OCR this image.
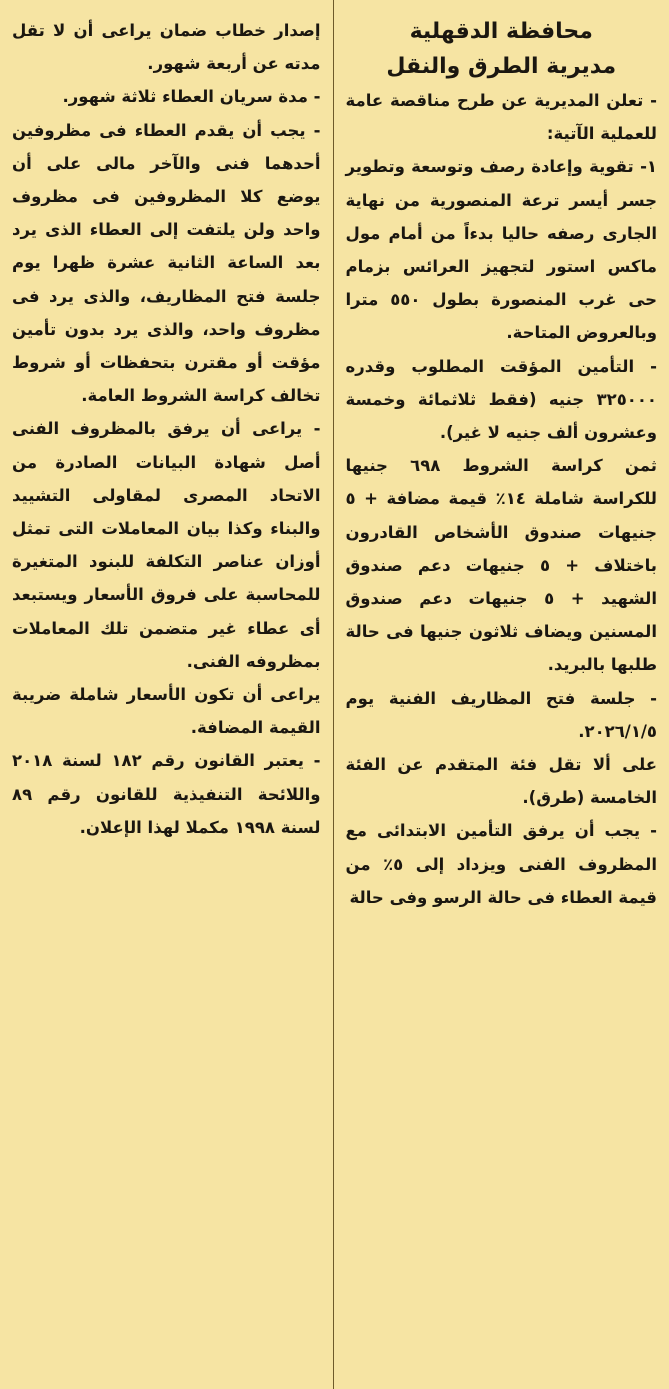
محافظة الدقهلية
مديرية الطرق والنقل

- تعلن المديرية عن طرح مناقصة عامة للعملية الآتية:

١- تقوية وإعادة رصف وتوسعة وتطوير جسر أيسر ترعة المنصورية من نهاية الجارى رصفه حاليا بدءاً من أمام مول ماكس استور لتجهيز العرائس بزمام حى غرب المنصورة بطول ٥٥٠ مترا وبالعروض المتاحة.

- التأمين المؤقت المطلوب وقدره ٣٢٥٠٠٠ جنيه (فقط ثلاثمائة وخمسة وعشرون ألف جنيه لا غير).

ثمن كراسة الشروط ٦٩٨ جنيها للكراسة شاملة ١٤٪ قيمة مضافة + ٥ جنيهات صندوق الأشخاص القادرون باختلاف + ٥ جنيهات دعم صندوق الشهيد + ٥ جنيهات دعم صندوق المسنين ويضاف ثلاثون جنيها فى حالة طلبها بالبريد.

- جلسة فتح المظاريف الفنية يوم ٢٠٢٦/١/٥.

على ألا تقل فئة المتقدم عن الفئة الخامسة (طرق).

- يجب أن يرفق التأمين الابتدائى مع المظروف الفنى ويزداد إلى ٥٪ من قيمة العطاء فى حالة الرسو وفى حالة

إصدار خطاب ضمان يراعى أن لا تقل مدته عن أربعة شهور.

- مدة سريان العطاء ثلاثة شهور.

- يجب أن يقدم العطاء فى مظروفين أحدهما فنى والآخر مالى على أن يوضع كلا المظروفين فى مظروف واحد ولن يلتفت إلى العطاء الذى يرد بعد الساعة الثانية عشرة ظهرا يوم جلسة فتح المظاريف، والذى يرد فى مظروف واحد، والذى يرد بدون تأمين مؤقت أو مقترن بتحفظات أو شروط تخالف كراسة الشروط العامة.

- يراعى أن يرفق بالمظروف الفنى أصل شهادة البيانات الصادرة من الاتحاد المصرى لمقاولى التشييد والبناء وكذا بيان المعاملات التى تمثل أوزان عناصر التكلفة للبنود المتغيرة للمحاسبة على فروق الأسعار ويستبعد أى عطاء غير متضمن تلك المعاملات بمظروفه الفنى.

يراعى أن تكون الأسعار شاملة ضريبة القيمة المضافة.

- يعتبر القانون رقم ١٨٢ لسنة ٢٠١٨ واللائحة التنفيذية للقانون رقم ٨٩ لسنة ١٩٩٨ مكملا لهذا الإعلان.
